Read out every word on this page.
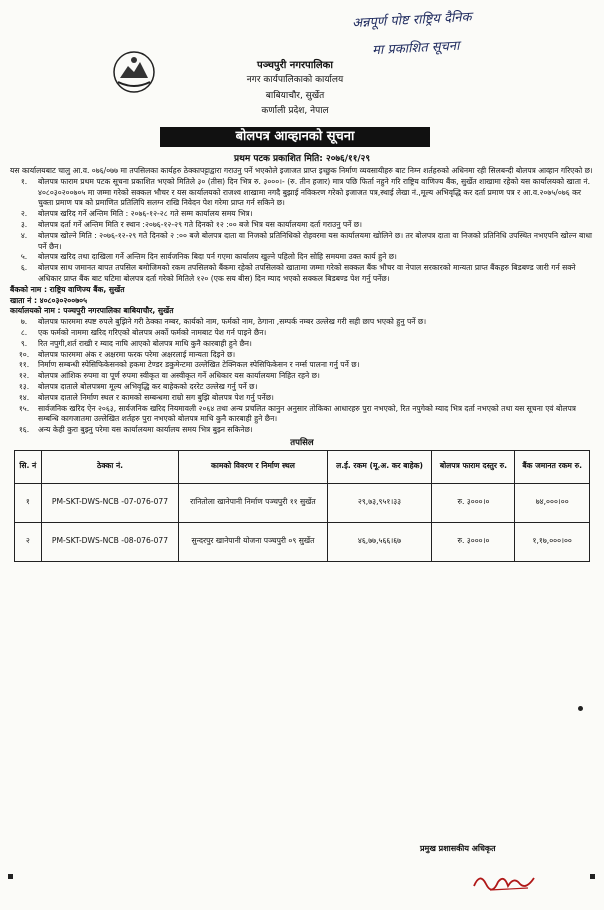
अन्नपूर्ण पोष्ट राष्ट्रिय दैनिक
मा प्रकाशित सूचना
पञ्चपुरी नगरपालिका
नगर कार्यपालिकाको कार्यालय
बाबियाचौर, सुर्खेत
कर्णाली प्रदेश, नेपाल
बोलपत्र आव्हानको सूचना
प्रथम पटक प्रकाशित मिति: २०७६/११/२९

यस कार्यालयबाट चालु आ.व. ०७६/०७७ मा तपसिलका कार्यहरु ठेक्कापट्टाद्वारा गराउनु पर्ने भएकोले इजाजत प्राप्त इच्छुक निर्माण व्यवसायीहरु बाट निम्न शर्तहरुको अधिनमा रही सिलबन्दी बोलपत्र आव्हान गरिएको छ।

१.	बोलपत्र फाराम प्रथम पटक सूचना प्रकाशित भएको मितिले ३० (तीस) दिन भित्र रु. ३०००।- (रु. तीन हजार) मात्र पछि फिर्ता नहुने गरि राष्ट्रिय वाणिज्य बैंक, सुर्खेत शाखामा रहेको यस कार्यालयको खाता नं. ४०८०३०२००७०५ मा जम्मा गरेको सक्कल भौचर र यस कार्यालयको राजश्व शाखामा नगदै बुझाई नविकरण गरेको इजाजत पत्र,स्थाई लेखा नं.,मूल्य अभिवृद्धि कर दर्ता प्रमाण पत्र र आ.व.२०७५/०७६ कर चुक्ता प्रमाण पत्र को प्रमाणित प्रतिलिपि सलग्न राखि निवेदन पेश गरेमा प्राप्त गर्न सकिने छ।
२.	बोलपत्र खरिद गर्ने अन्तिम मिति : २०७६-१२-२८ गते सम्म कार्यालय समय भित्र।
३.	बोलपत्र दर्ता गर्ने अन्तिम मिति र स्थान :२०७६-१२-२९ गते दिनको १२ :०० बजे भित्र यस कार्यालयमा दर्ता गराउनु पर्ने छ।
४.	बोलपत्र खोल्ने मिति : २०७६-१२-२९ गते दिनको २ :०० बजे बोलपत्र दाता वा निजको प्रतिनिधिको रोहवरमा यस कार्यालयमा खोलिने छ। तर बोलपत्र दाता वा निजको प्रतिनिधि उपस्थित नभएपनि खोल्न बाधा पर्ने छैन।
५.	बोलपत्र खरिद तथा दाखिला गर्ने अन्तिम दिन सार्वजनिक बिदा पर्न गएमा कार्यालय खुल्ने पहिलो दिन सोहि समयमा उक्त कार्य हुने छ।
६.	बोलपत्र साथ जमानत बापत तपसिल बमोजिमको रकम तपसिलको बैंकमा रहेको तपसिलको खातामा जम्मा गरेको सक्कल बैंक भौचर वा नेपाल सरकारको मान्यता प्राप्त बैंकहरु बिडबण्ड जारी गर्न सक्ने अधिकार प्राप्त बैंक बाट घटिमा बोलपत्र दर्ता गरेको मितिले १२० (एक सय बीस) दिन म्याद भएको सक्कल बिडबण्ड पेश गर्नु पर्नेछ।

बैंकको नाम : राष्ट्रिय वाणिज्य बैंक, सुर्खेत

खाता नं : ४०८०३०२००७०५

कार्यालयको नाम : पञ्चपुरी नगरपालिका बाबियाचौर, सुर्खेत

७.	बोलपत्र फारममा स्पष्ट रुपले बुझिने गरी ठेक्का नम्बर, कार्यको नाम, फर्मको नाम, ठेगाना ,सम्पर्क नम्बर उल्लेख गरी सही छाप भएको हुनु पर्ने छ।
८.	एक फर्मको नाममा खरिद गरिएको बोलपत्र अर्को फर्मको नामबाट पेश गर्न पाइने छैन।
९.	रित नपुगी,शर्त राखी र म्याद नाघि आएको बोलपत्र माथि कुनै कारबाही हुने छैन।
१०.	बोलपत्र फारममा अंक र अक्षरमा फरक परेमा अक्षरलाई मान्यता दिइने छ।
११.	निर्माण सम्बन्धी स्पेसिफिकेसनको हकमा टेण्डर डकुमेन्टमा उल्लेखित टेक्निकल स्पेसिफिकेसन र नर्म्स पालना गर्नु पर्ने छ।
१२.	बोलपत्र आंशिक रुपमा वा पूर्ण रुपमा स्वीकृत वा अस्वीकृत गर्ने अधिकार यस कार्यालयमा निहित रहने छ।
१३.	बोलपत्र दाताले बोलपत्रमा मूल्य अभिवृद्धि कर बाहेकको दररेट उल्लेख गर्नु पर्ने छ।
१४.	बोलपत्र दाताले निर्माण स्थल र कामको सम्बन्धमा राम्रो सग बुझि बोलपत्र पेश गर्नु पर्नेछ।
१५.	सार्वजनिक खरिद ऐन २०६३, सार्वजनिक खरिद नियमावली २०६४ तथा अन्य प्रचलित कानुन अनुसार तोकिका आधारहरु पुरा नभएको, रित नपुगेको म्याद भित्र दर्ता नभएको तथा यस सूचना एवं बोलपत्र सम्बन्धि कागजातमा उल्लेखित शर्तहरु पुरा नभएको बोलपत्र माथि कुनै कारबाही हुने छैन।
१६.	अन्य केही कुरा बुझ्नु परेमा यस कार्यालयमा कार्यालय समय भित्र बुझ्न सकिनेछ।
तपसिल
सि. नं	ठेक्का नं.	कामको विवरण र निर्माण स्थल	ल.ई. रकम (मू.अ. कर बाहेक)	बोलपत्र फाराम दस्तुर रु.	बैंक जमानत रकम रु.
१	PM-SKT-DWS-NCB -07-076-077	रानितोला खानेपानी निर्माण पञ्चपुरी ११ सुर्खेत	२९,७३,९५१।३३	रु. ३०००।०	७४,०००।००
२	PM-SKT-DWS-NCB -08-076-077	सुन्दरपुर खानेपानी योजना पञ्चपुरी ०९ सुर्खेत	४६,७७,५६६।६७	रु. ३०००।०	१,१७,०००।००
प्रमुख प्रशासकीय अधिकृत
